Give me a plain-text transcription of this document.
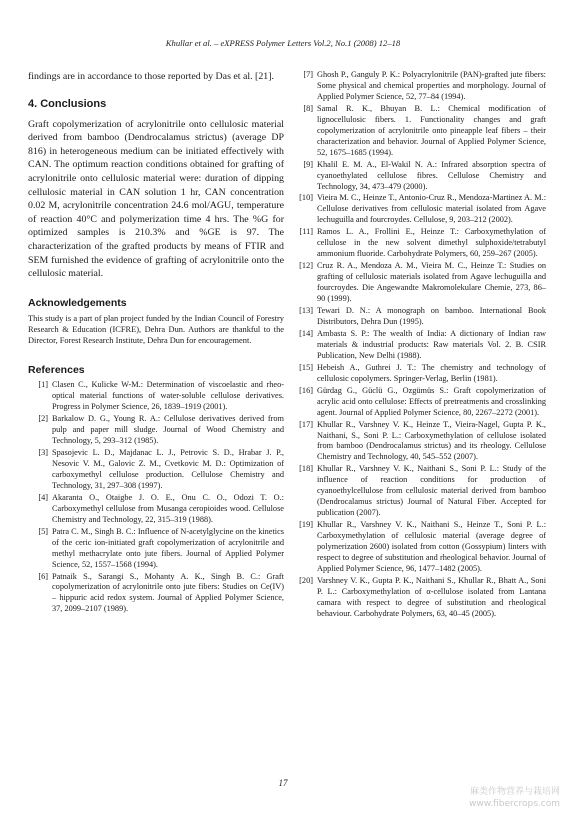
Khullar et al. – eXPRESS Polymer Letters Vol.2, No.1 (2008) 12–18

findings are in accordance to those reported by Das et al. [21].

4. Conclusions

Graft copolymerization of acrylonitrile onto cellulosic material derived from bamboo (Dendrocalamus strictus) (average DP 816) in heterogeneous medium can be initiated effectively with CAN. The optimum reaction conditions obtained for grafting of acrylonitrile onto cellulosic material were: duration of dipping cellulosic material in CAN solution 1 hr, CAN concentration 0.02 M, acrylonitrile concentration 24.6 mol/AGU, temperature of reaction 40°C and polymerization time 4 hrs. The %G for optimized samples is 210.3% and %GE is 97. The characterization of the grafted products by means of FTIR and SEM furnished the evidence of grafting of acrylonitrile onto the cellulosic material.

Acknowledgements

This study is a part of plan project funded by the Indian Council of Forestry Research & Education (ICFRE), Dehra Dun. Authors are thankful to the Director, Forest Research Institute, Dehra Dun for encouragement.

References
[1] Clasen C., Kulicke W-M.: Determination of viscoelastic and rheo-optical material functions of water-soluble cellulose derivatives. Progress in Polymer Science, 26, 1839–1919 (2001).
[2] Barkalow D. G., Young R. A.: Cellulose derivatives derived from pulp and paper mill sludge. Journal of Wood Chemistry and Technology, 5, 293–312 (1985).
[3] Spasojevic L. D., Majdanac L. J., Petrovic S. D., Hrabar J. P., Nesovic V. M., Galovic Z. M., Cvetkovic M. D.: Optimization of carboxymethyl cellulose production. Cellulose Chemistry and Technology, 31, 297–308 (1997).
[4] Akaranta O., Otaigbe J. O. E., Onu C. O., Odozi T. O.: Carboxymethyl cellulose from Musanga ceropioides wood. Cellulose Chemistry and Technology, 22, 315–319 (1988).
[5] Patra C. M., Singh B. C.: Influence of N-acetylglycine on the kinetics of the ceric ion-initiated graft copolymerization of acrylonitrile and methyl methacrylate onto jute fibers. Journal of Applied Polymer Science, 52, 1557–1568 (1994).
[6] Patnaik S., Sarangi S., Mohanty A. K., Singh B. C.: Graft copolymerization of acrylonitrile onto jute fibers: Studies on Ce(IV) – hippuric acid redox system. Journal of Applied Polymer Science, 37, 2099–2107 (1989).
[7] Ghosh P., Ganguly P. K.: Polyacrylonitrile (PAN)-grafted jute fibers: Some physical and chemical properties and morphology. Journal of Applied Polymer Science, 52, 77–84 (1994).
[8] Samal R. K., Bhuyan B. L.: Chemical modification of lignocellulosic fibers. 1. Functionality changes and graft copolymerization of acrylonitrile onto pineapple leaf fibers – their characterization and behavior. Journal of Applied Polymer Science, 52, 1675–1685 (1994).
[9] Khalil E. M. A., El-Wakil N. A.: Infrared absorption spectra of cyanoethylated cellulose fibres. Cellulose Chemistry and Technology, 34, 473–479 (2000).
[10] Vieira M. C., Heinze T., Antonio-Cruz R., Mendoza-Martinez A. M.: Cellulose derivatives from cellulosic material isolated from Agave lechuguilla and fourcroydes. Cellulose, 9, 203–212 (2002).
[11] Ramos L. A., Frollini E., Heinze T.: Carboxymethylation of cellulose in the new solvent dimethyl sulphoxide/tetrabutyl ammonium fluoride. Carbohydrate Polymers, 60, 259–267 (2005).
[12] Cruz R. A., Mendoza A. M., Vieira M. C., Heinze T.: Studies on grafting of cellulosic materials isolated from Agave lechuguilla and fourcroydes. Die Angewandte Makromolekulare Chemie, 273, 86–90 (1999).
[13] Tewari D. N.: A monograph on bamboo. International Book Distributors, Dehra Dun (1995).
[14] Ambasta S. P.: The wealth of India: A dictionary of Indian raw materials & industrial products: Raw materials Vol. 2. B. CSIR Publication, New Delhi (1988).
[15] Hebeish A., Guthrei J. T.: The chemistry and technology of cellulosic copolymers. Springer-Verlag, Berlin (1981).
[16] Gürdag G., Güclü G., Ozgümüs S.: Graft copolymerization of acrylic acid onto cellulose: Effects of pretreatments and crosslinking agent. Journal of Applied Polymer Science, 80, 2267–2272 (2001).
[17] Khullar R., Varshney V. K., Heinze T., Vieira-Nagel, Gupta P. K., Naithani, S., Soni P. L.: Carboxymethylation of cellulose isolated from bamboo (Dendrocalamus strictus) and its rheology. Cellulose Chemistry and Technology, 40, 545–552 (2007).
[18] Khullar R., Varshney V. K., Naithani S., Soni P. L.: Study of the influence of reaction conditions for production of cyanoethylcellulose from cellulosic material derived from bamboo (Dendrocalamus strictus) Journal of Natural Fiber. Accepted for publication (2007).
[19] Khullar R., Varshney V. K., Naithani S., Heinze T., Soni P. L.: Carboxymethylation of cellulosic material (average degree of polymerization 2600) isolated from cotton (Gossypium) linters with respect to degree of substitution and rheological behavior. Journal of Applied Polymer Science, 96, 1477–1482 (2005).
[20] Varshney V. K., Gupta P. K., Naithani S., Khullar R., Bhatt A., Soni P. L.: Carboxymethylation of α-cellulose isolated from Lantana camara with respect to degree of substitution and rheological behaviour. Carbohydrate Polymers, 63, 40–45 (2005).
17
麻类作物营养与栽培网
www.fibercrops.com
